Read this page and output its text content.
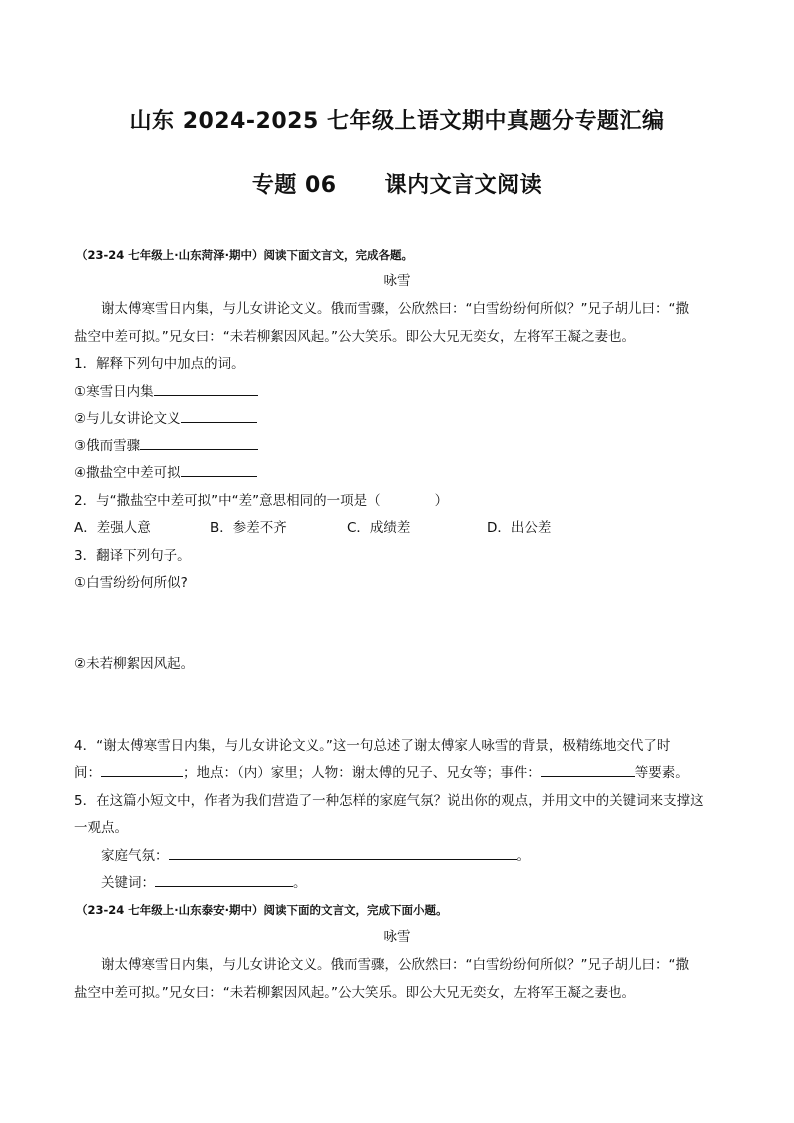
山东 2024-2025 七年级上语文期中真题分专题汇编
专题 06 课内文言文阅读
（23-24 七年级上·山东菏泽·期中）阅读下面文言文，完成各题。
咏雪
谢太傅寒雪日内集，与儿女讲论文义。俄而雪骤，公欣然曰：“白雪纷纷何所似？”兄子胡儿曰：“撒
盐空中差可拟。”兄女曰：“未若柳絮因风起。”公大笑乐。即公大兄无奕女，左将军王凝之妻也。
1．解释下列句中加点的词。
①寒雪日内集
②与儿女讲论文义
③俄而雪骤
④撒盐空中差可拟
2．与“撒盐空中差可拟”中“差”意思相同的一项是（	）
A．差强人意	B．参差不齐	C．成绩差	D．出公差
3．翻译下列句子。
①白雪纷纷何所似?
②未若柳絮因风起。
4．“谢太傅寒雪日内集，与儿女讲论文义。”这一句总述了谢太傅家人咏雪的背景，极精练地交代了时
间：	；地点：（内）家里；人物：谢太傅的兄子、兄女等；事件：	等要素。
5．在这篇小短文中，作者为我们营造了一种怎样的家庭气氛？说出你的观点，并用文中的关键词来支撑这
一观点。
家庭气氛：	。
关键词：	。
（23-24 七年级上·山东泰安·期中）阅读下面的文言文，完成下面小题。
咏雪
谢太傅寒雪日内集，与儿女讲论文义。俄而雪骤，公欣然曰：“白雪纷纷何所似？”兄子胡儿曰：“撒
盐空中差可拟。”兄女曰：“未若柳絮因风起。”公大笑乐。即公大兄无奕女，左将军王凝之妻也。
